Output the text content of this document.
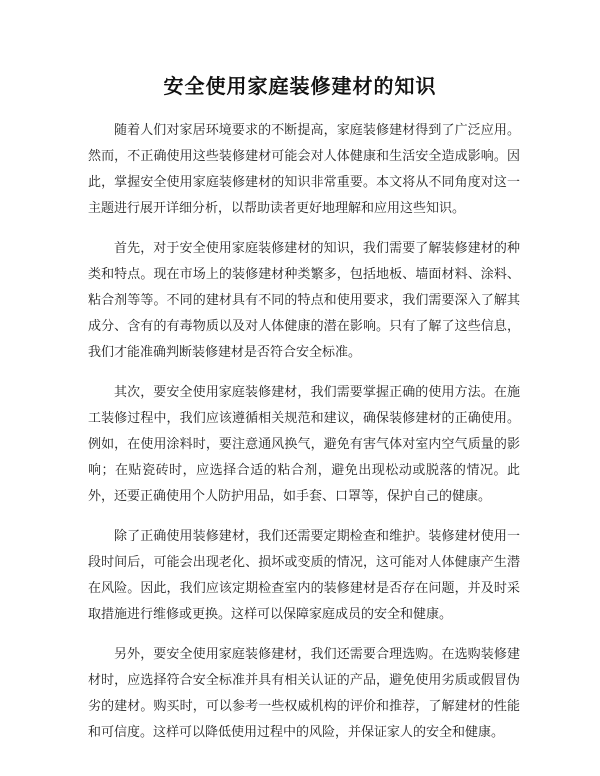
安全使用家庭装修建材的知识

随着人们对家居环境要求的不断提高，家庭装修建材得到了广泛应用。然而，不正确使用这些装修建材可能会对人体健康和生活安全造成影响。因此，掌握安全使用家庭装修建材的知识非常重要。本文将从不同角度对这一主题进行展开详细分析，以帮助读者更好地理解和应用这些知识。

首先，对于安全使用家庭装修建材的知识，我们需要了解装修建材的种类和特点。现在市场上的装修建材种类繁多，包括地板、墙面材料、涂料、粘合剂等等。不同的建材具有不同的特点和使用要求，我们需要深入了解其成分、含有的有毒物质以及对人体健康的潜在影响。只有了解了这些信息，我们才能准确判断装修建材是否符合安全标准。

其次，要安全使用家庭装修建材，我们需要掌握正确的使用方法。在施工装修过程中，我们应该遵循相关规范和建议，确保装修建材的正确使用。例如，在使用涂料时，要注意通风换气，避免有害气体对室内空气质量的影响；在贴瓷砖时，应选择合适的粘合剂，避免出现松动或脱落的情况。此外，还要正确使用个人防护用品，如手套、口罩等，保护自己的健康。

除了正确使用装修建材，我们还需要定期检查和维护。装修建材使用一段时间后，可能会出现老化、损坏或变质的情况，这可能对人体健康产生潜在风险。因此，我们应该定期检查室内的装修建材是否存在问题，并及时采取措施进行维修或更换。这样可以保障家庭成员的安全和健康。

另外，要安全使用家庭装修建材，我们还需要合理选购。在选购装修建材时，应选择符合安全标准并具有相关认证的产品，避免使用劣质或假冒伪劣的建材。购买时，可以参考一些权威机构的评价和推荐，了解建材的性能和可信度。这样可以降低使用过程中的风险，并保证家人的安全和健康。
